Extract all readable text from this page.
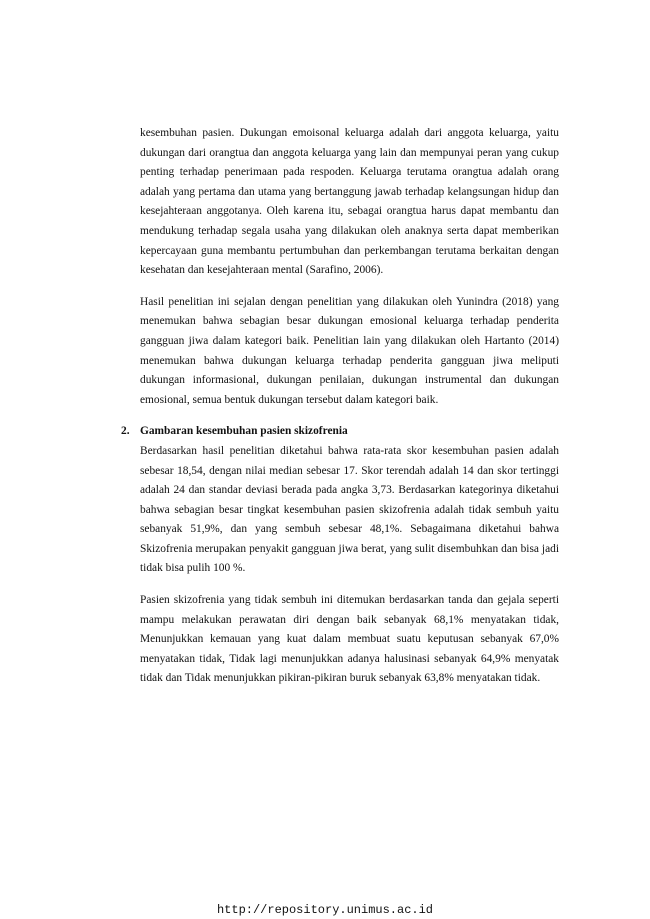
kesembuhan pasien. Dukungan emoisonal keluarga adalah dari anggota keluarga, yaitu dukungan dari orangtua dan anggota keluarga yang lain dan mempunyai peran yang cukup penting terhadap penerimaan pada respoden. Keluarga terutama orangtua adalah orang adalah yang pertama dan utama yang bertanggung jawab terhadap kelangsungan hidup dan kesejahteraan anggotanya. Oleh karena itu, sebagai orangtua harus dapat membantu dan mendukung terhadap segala usaha yang dilakukan oleh anaknya serta dapat memberikan kepercayaan guna membantu pertumbuhan dan perkembangan terutama berkaitan dengan kesehatan dan kesejahteraan mental (Sarafino, 2006).

Hasil penelitian ini sejalan dengan penelitian yang dilakukan oleh Yunindra (2018) yang menemukan bahwa sebagian besar dukungan emosional keluarga terhadap penderita gangguan jiwa dalam kategori baik. Penelitian lain yang dilakukan oleh Hartanto (2014) menemukan bahwa dukungan keluarga terhadap penderita gangguan jiwa meliputi dukungan informasional, dukungan penilaian, dukungan instrumental dan dukungan emosional, semua bentuk dukungan tersebut dalam kategori baik.

2. Gambaran kesembuhan pasien skizofrenia

Berdasarkan hasil penelitian diketahui bahwa rata-rata skor kesembuhan pasien adalah sebesar 18,54, dengan nilai median sebesar 17. Skor terendah adalah 14 dan skor tertinggi adalah 24 dan standar deviasi berada pada angka 3,73. Berdasarkan kategorinya diketahui bahwa sebagian besar tingkat kesembuhan pasien skizofrenia adalah tidak sembuh yaitu sebanyak 51,9%, dan yang sembuh sebesar 48,1%. Sebagaimana diketahui bahwa Skizofrenia merupakan penyakit gangguan jiwa berat, yang sulit disembuhkan dan bisa jadi tidak bisa pulih 100 %.

Pasien skizofrenia yang tidak sembuh ini ditemukan berdasarkan tanda dan gejala seperti mampu melakukan perawatan diri dengan baik sebanyak 68,1% menyatakan tidak, Menunjukkan kemauan yang kuat dalam membuat suatu keputusan sebanyak 67,0% menyatakan tidak, Tidak lagi menunjukkan adanya halusinasi sebanyak 64,9% menyatak tidak dan Tidak menunjukkan pikiran-pikiran buruk sebanyak 63,8% menyatakan tidak.

http://repository.unimus.ac.id
